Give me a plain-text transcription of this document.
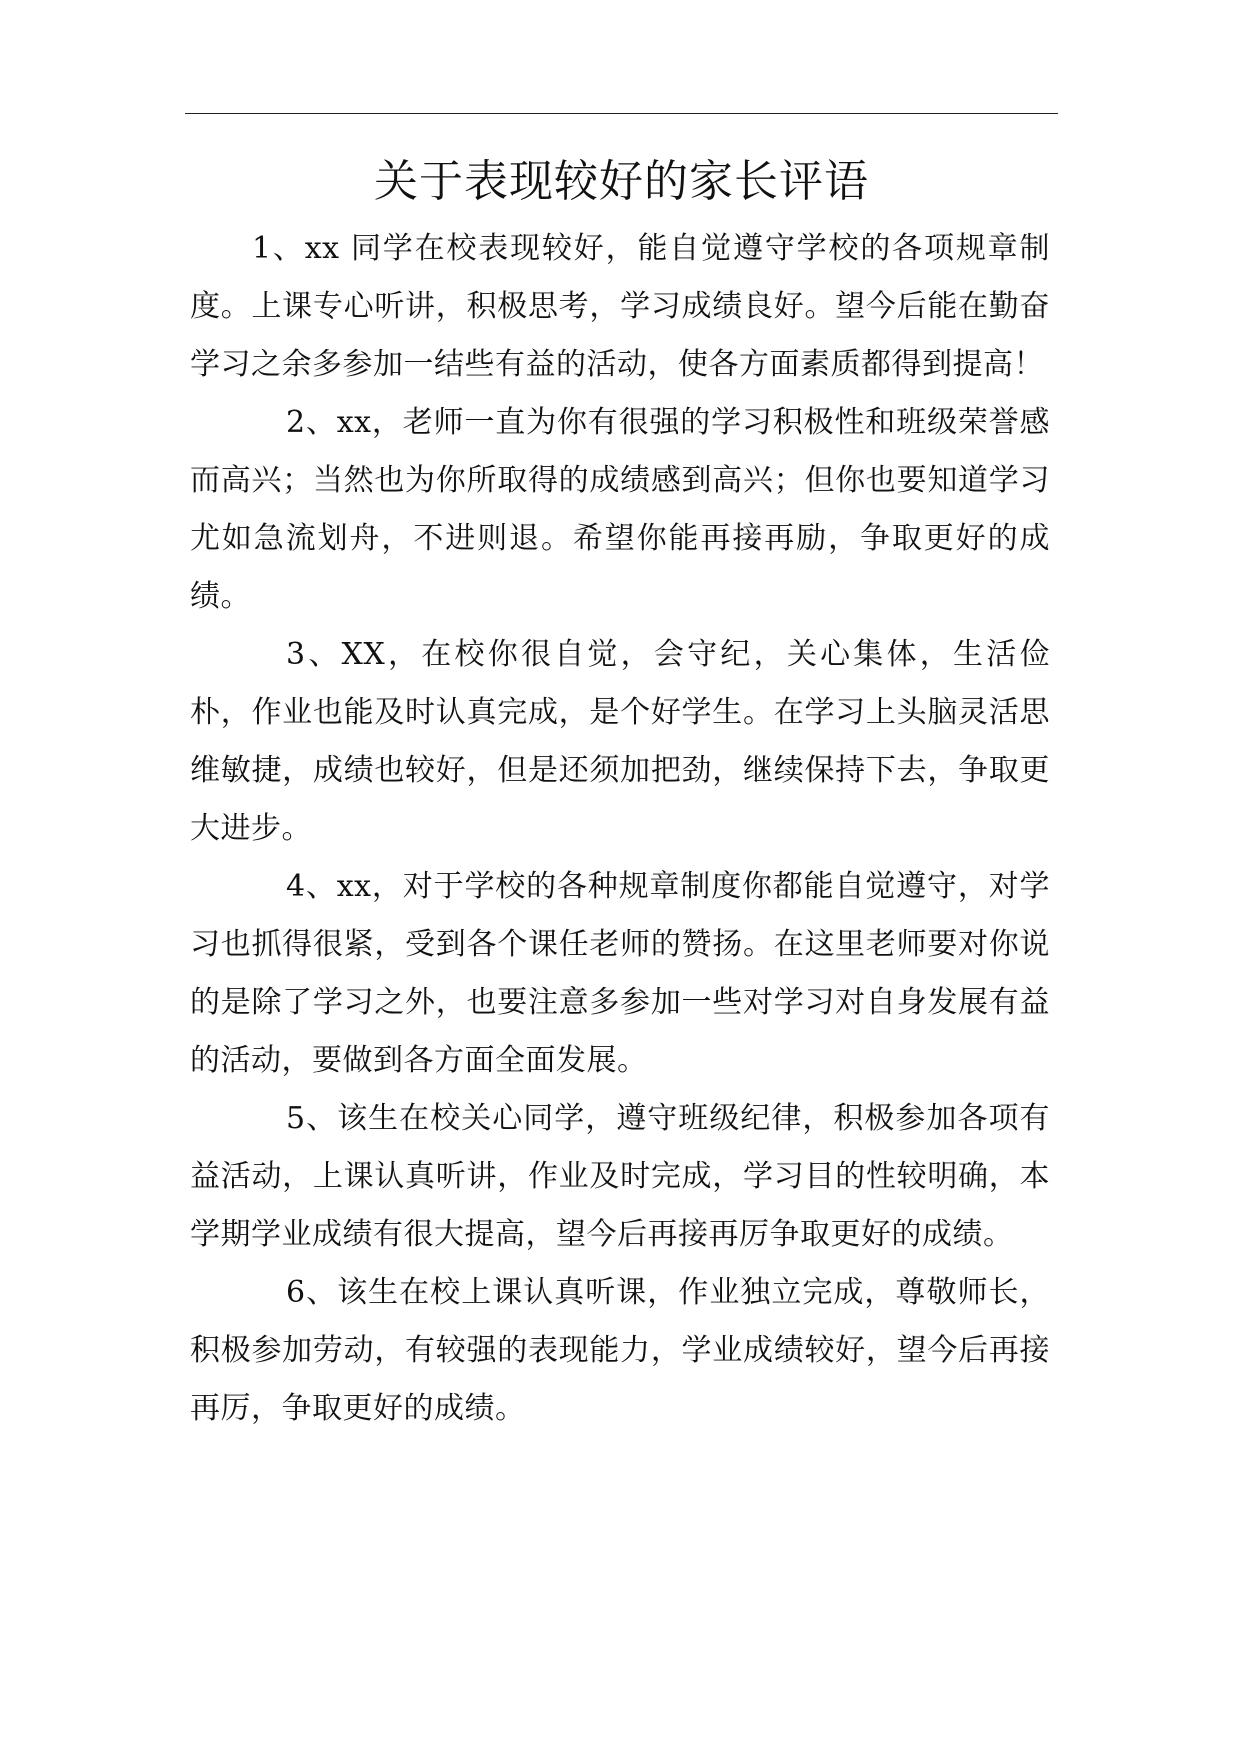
关于表现较好的家长评语

1、xx 同学在校表现较好，能自觉遵守学校的各项规章制度。上课专心听讲，积极思考，学习成绩良好。望今后能在勤奋学习之余多参加一结些有益的活动，使各方面素质都得到提高！

2、xx，老师一直为你有很强的学习积极性和班级荣誉感而高兴；当然也为你所取得的成绩感到高兴；但你也要知道学习尤如急流划舟，不进则退。希望你能再接再励，争取更好的成绩。

3、XX，在校你很自觉，会守纪，关心集体，生活俭朴，作业也能及时认真完成，是个好学生。在学习上头脑灵活思维敏捷，成绩也较好，但是还须加把劲，继续保持下去，争取更大进步。

4、xx，对于学校的各种规章制度你都能自觉遵守，对学习也抓得很紧，受到各个课任老师的赞扬。在这里老师要对你说的是除了学习之外，也要注意多参加一些对学习对自身发展有益的活动，要做到各方面全面发展。

5、该生在校关心同学，遵守班级纪律，积极参加各项有益活动，上课认真听讲，作业及时完成，学习目的性较明确，本学期学业成绩有很大提高，望今后再接再厉争取更好的成绩。

6、该生在校上课认真听课，作业独立完成，尊敬师长，积极参加劳动，有较强的表现能力，学业成绩较好，望今后再接再厉，争取更好的成绩。
